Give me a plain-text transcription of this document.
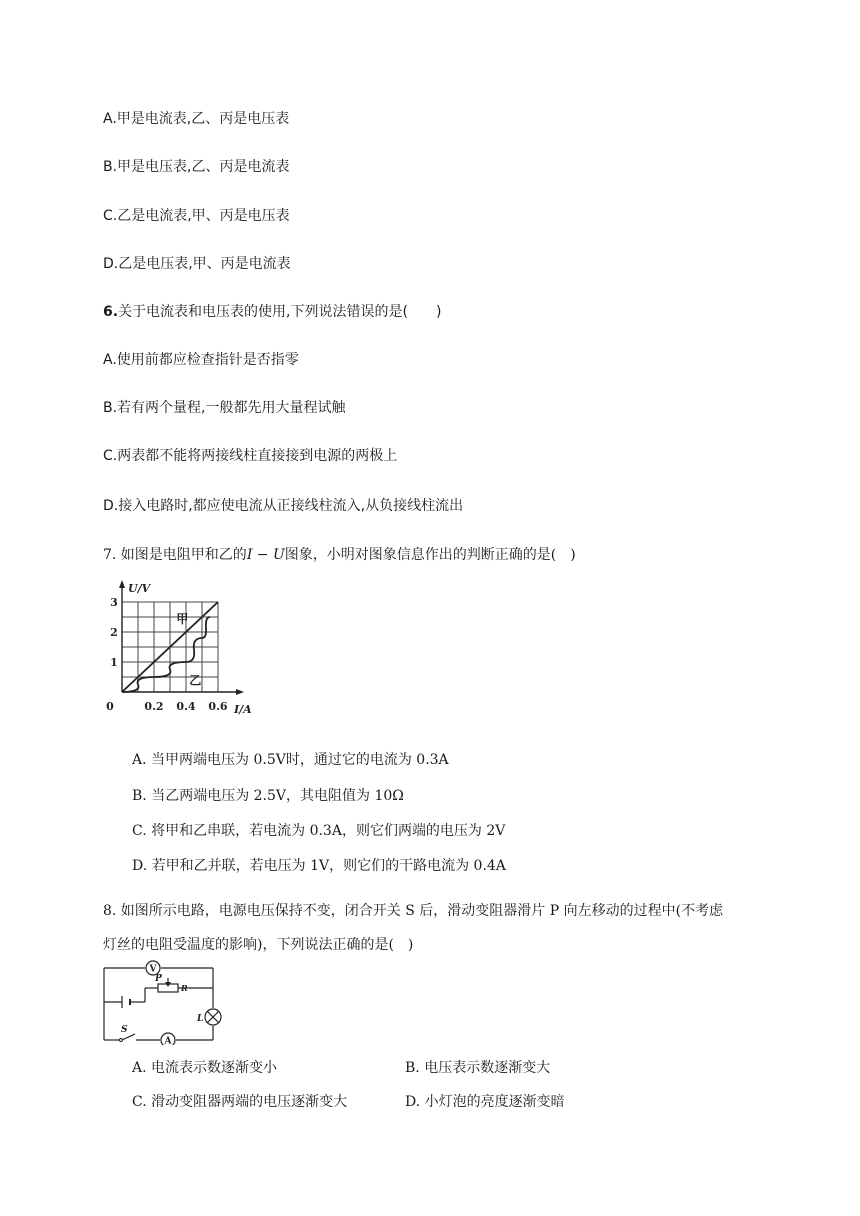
A.甲是电流表,乙、丙是电压表
B.甲是电压表,乙、丙是电流表
C.乙是电流表,甲、丙是电压表
D.乙是电压表,甲、丙是电流表
6.关于电流表和电压表的使用,下列说法错误的是(　　)
A.使用前都应检查指针是否指零
B.若有两个量程,一般都先用大量程试触
C.两表都不能将两接线柱直接接到电源的两极上
D.接入电路时,都应使电流从正接线柱流入,从负接线柱流出
7. 如图是电阻甲和乙的I − U图象，小明对图象信息作出的判断正确的是(　)
甲
乙
0	0.2 0.4 0.6
1
2
3
I/A
U/V
A. 当甲两端电压为 0.5V时，通过它的电流为 0.3A
B. 当乙两端电压为 2.5V，其电阻值为 10Ω
C. 将甲和乙串联，若电流为 0.3A，则它们两端的电压为 2V
D. 若甲和乙并联，若电压为 1V，则它们的干路电流为 0.4A
8. 如图所示电路，电源电压保持不变，闭合开关 S 后，滑动变阻器滑片 P 向左移动的过程中(不考虑
灯丝的电阻受温度的影响)，下列说法正确的是(　)
V
A
P
R
L
S
A. 电流表示数逐渐变小	B. 电压表示数逐渐变大
C. 滑动变阻器两端的电压逐渐变大	D. 小灯泡的亮度逐渐变暗
